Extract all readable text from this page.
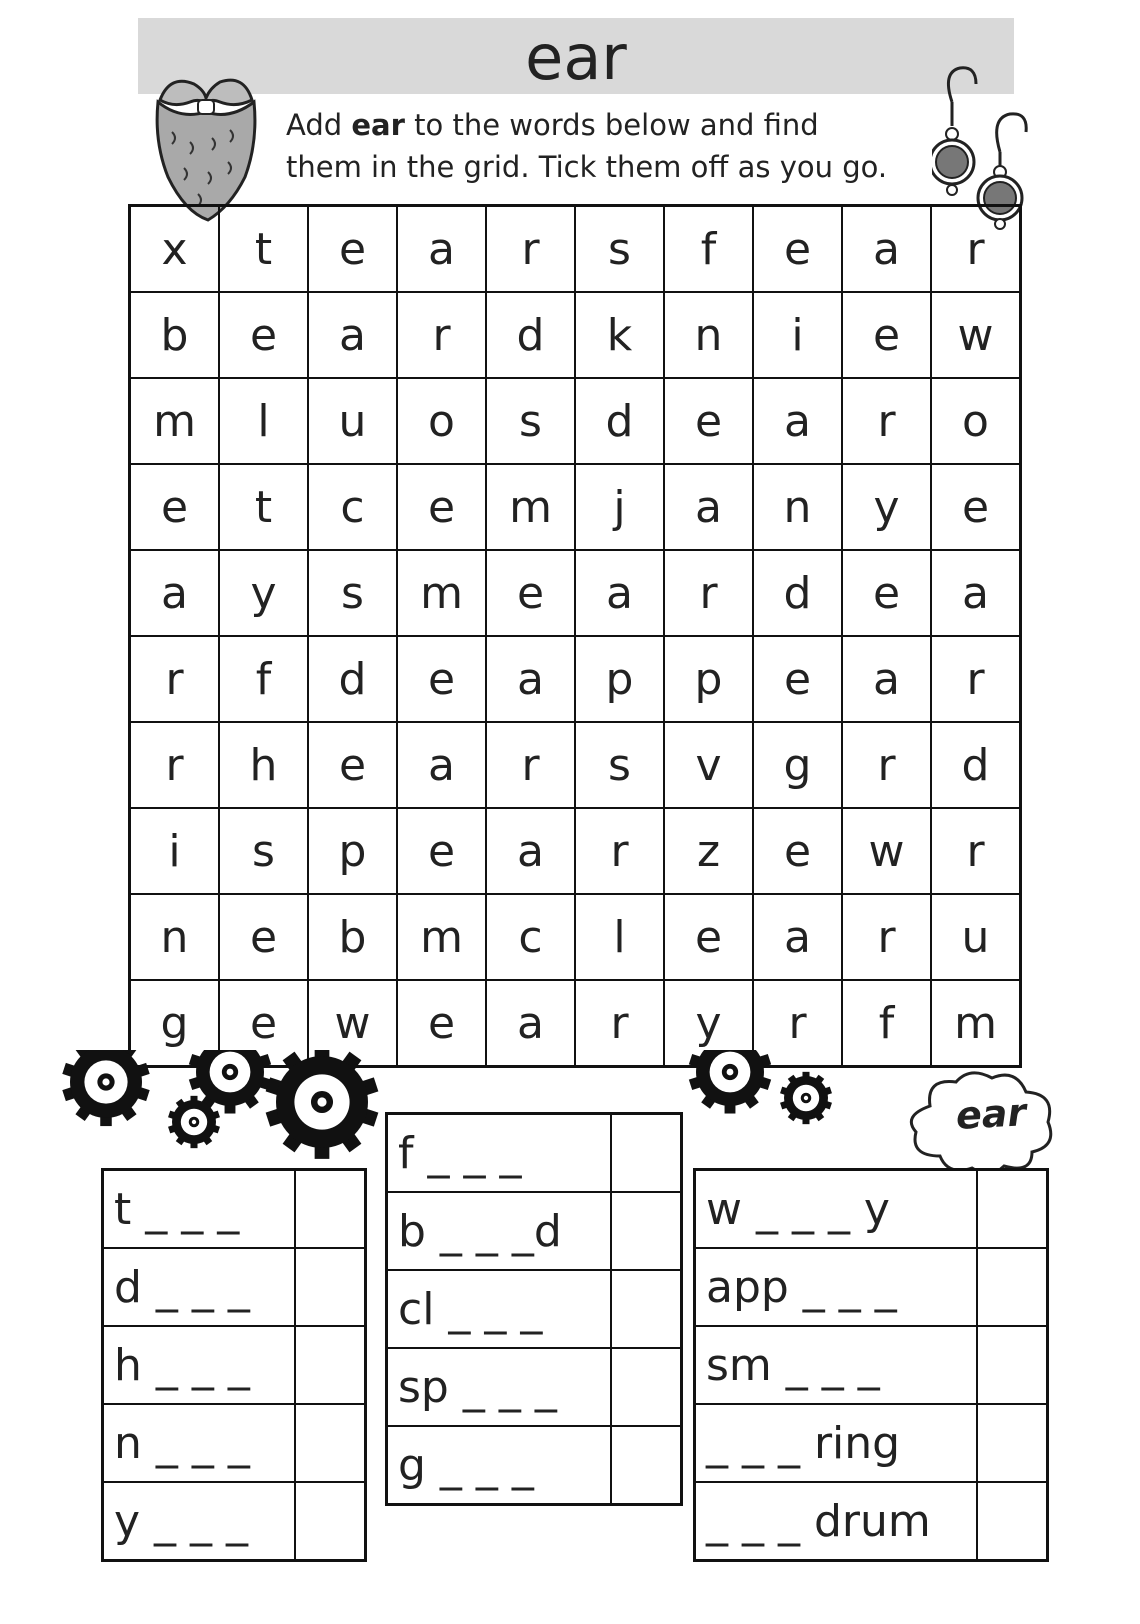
ear
Add ear to the words below and find
them in the grid. Tick them off as you go.
x	t	e	a	r	s	f	e	a	r
b	e	a	r	d	k	n	i	e	w
m	l	u	o	s	d	e	a	r	o
e	t	c	e	m	j	a	n	y	e
a	y	s	m	e	a	r	d	e	a
r	f	d	e	a	p	p	e	a	r
r	h	e	a	r	s	v	g	r	d
i	s	p	e	a	r	z	e	w	r
n	e	b	m	c	l	e	a	r	u
g	e	w	e	a	r	y	r	f	m
ear
t _ _ _	
d _ _ _	
h _ _ _	
n _ _ _	
y _ _ _	
f _ _ _	
b _ _ _d	
cl _ _ _	
sp _ _ _	
g _ _ _	
w _ _ _ y	
app _ _ _	
sm _ _ _	
_ _ _ ring	
_ _ _ drum	
